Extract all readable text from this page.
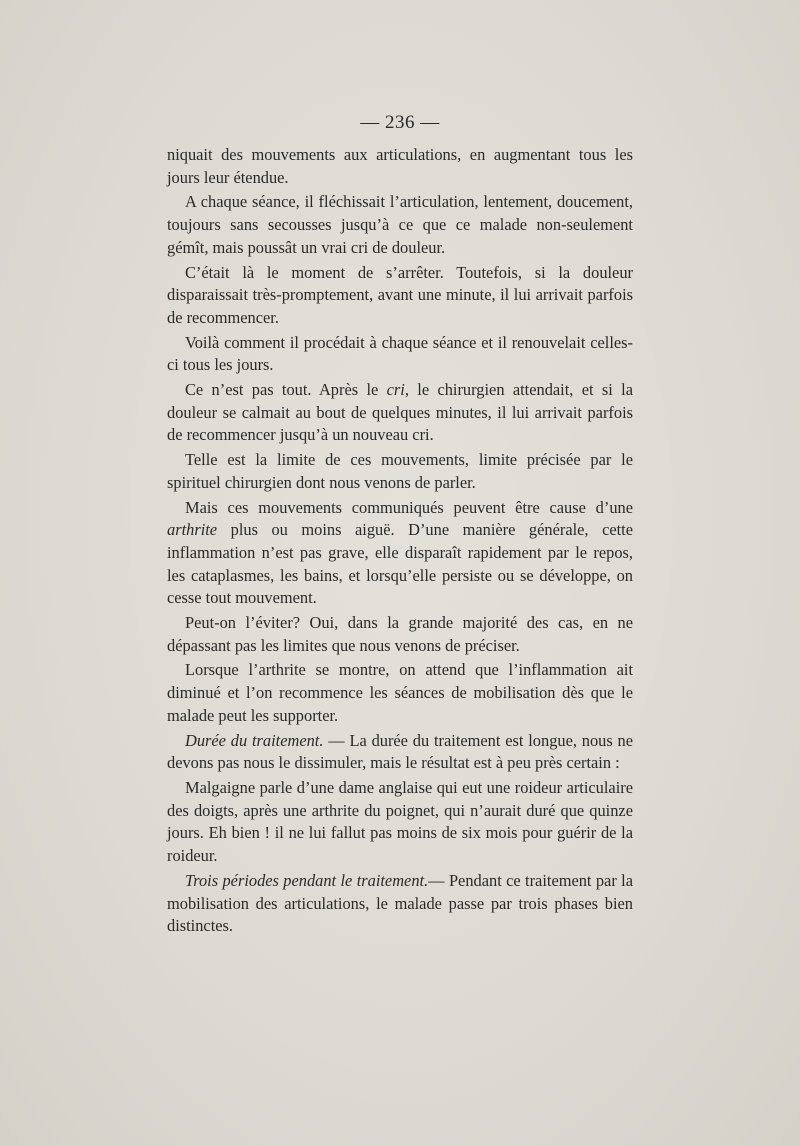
— 236 —

niquait des mouvements aux articulations, en augmentant tous les jours leur étendue.

A chaque séance, il fléchissait l’articulation, lentement, doucement, toujours sans secousses jusqu’à ce que ce malade non-seulement gémît, mais poussât un vrai cri de douleur.

C’était là le moment de s’arrêter. Toutefois, si la douleur disparaissait très-promptement, avant une minute, il lui arrivait parfois de recommencer.

Voilà comment il procédait à chaque séance et il renouvelait celles-ci tous les jours.

Ce n’est pas tout. Après le cri, le chirurgien attendait, et si la douleur se calmait au bout de quelques minutes, il lui arrivait parfois de recommencer jusqu’à un nouveau cri.

Telle est la limite de ces mouvements, limite précisée par le spirituel chirurgien dont nous venons de parler.

Mais ces mouvements communiqués peuvent être cause d’une arthrite plus ou moins aiguë. D’une manière générale, cette inflammation n’est pas grave, elle disparaît rapidement par le repos, les cataplasmes, les bains, et lorsqu’elle persiste ou se développe, on cesse tout mouvement.

Peut-on l’éviter? Oui, dans la grande majorité des cas, en ne dépassant pas les limites que nous venons de préciser.

Lorsque l’arthrite se montre, on attend que l’inflammation ait diminué et l’on recommence les séances de mobilisation dès que le malade peut les supporter.

Durée du traitement. — La durée du traitement est longue, nous ne devons pas nous le dissimuler, mais le résultat est à peu près certain :

Malgaigne parle d’une dame anglaise qui eut une roideur articulaire des doigts, après une arthrite du poignet, qui n’aurait duré que quinze jours. Eh bien ! il ne lui fallut pas moins de six mois pour guérir de la roideur.

Trois périodes pendant le traitement.— Pendant ce traitement par la mobilisation des articulations, le malade passe par trois phases bien distinctes.
